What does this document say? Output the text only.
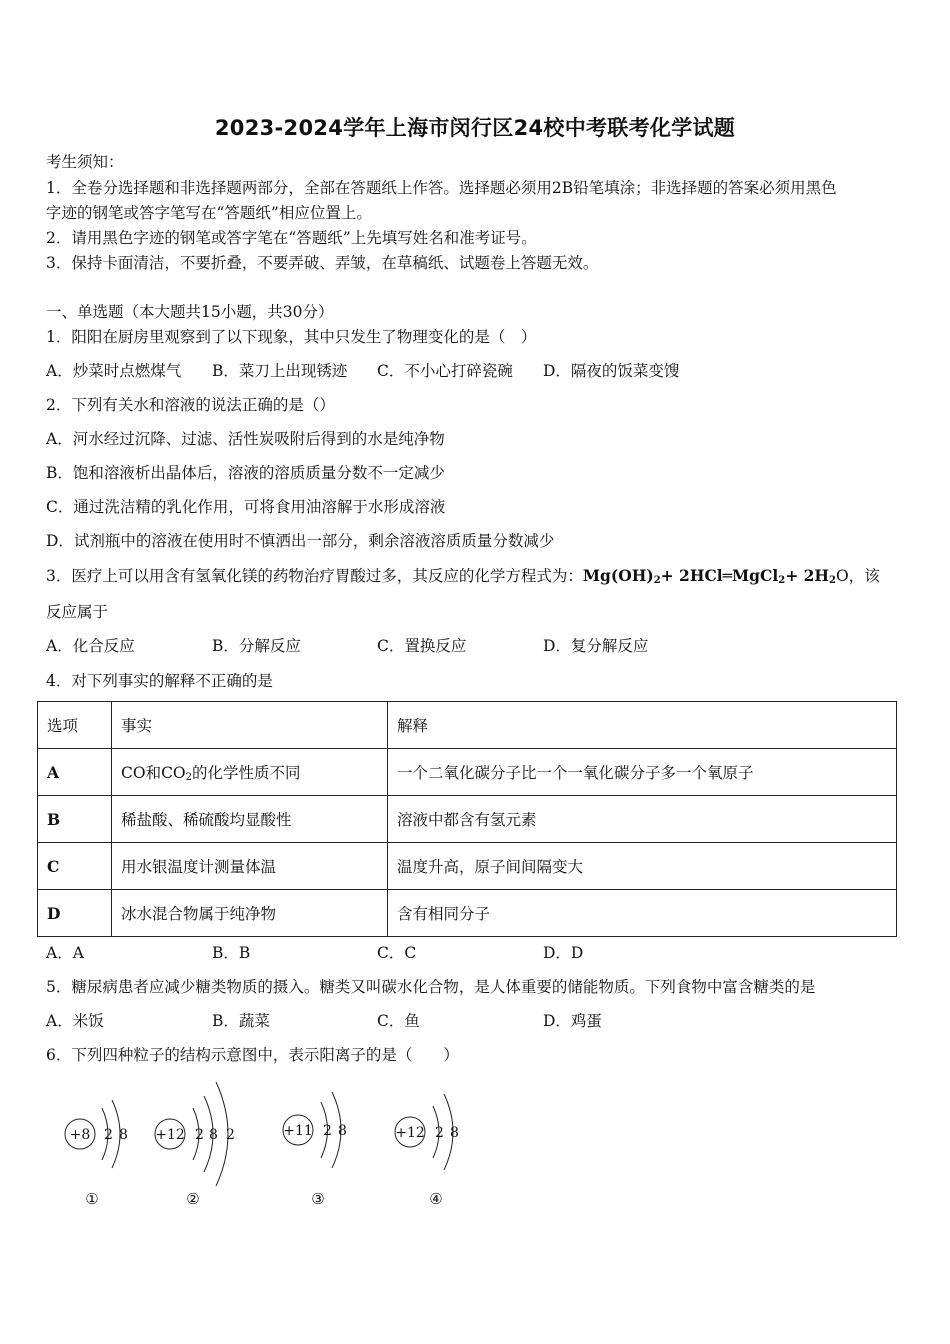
2023-2024学年上海市闵行区24校中考联考化学试题
考生须知：
1．全卷分选择题和非选择题两部分，全部在答题纸上作答。选择题必须用2B铅笔填涂；非选择题的答案必须用黑色
字迹的钢笔或答字笔写在“答题纸”相应位置上。
2．请用黑色字迹的钢笔或答字笔在“答题纸”上先填写姓名和准考证号。
3．保持卡面清洁，不要折叠，不要弄破、弄皱，在草稿纸、试题卷上答题无效。
一、单选题（本大题共15小题，共30分）
1．阳阳在厨房里观察到了以下现象，其中只发生了物理变化的是（　）
A．炒菜时点燃煤气 B．菜刀上出现锈迹 C．不小心打碎瓷碗 D．隔夜的饭菜变馊
2．下列有关水和溶液的说法正确的是（）
A．河水经过沉降、过滤、活性炭吸附后得到的水是纯净物
B．饱和溶液析出晶体后，溶液的溶质质量分数不一定减少
C．通过洗洁精的乳化作用，可将食用油溶解于水形成溶液
D．试剂瓶中的溶液在使用时不慎洒出一部分，剩余溶液溶质质量分数减少
3．医疗上可以用含有氢氧化镁的药物治疗胃酸过多，其反应的化学方程式为：$Mg(OH)_2+$ 2HCl═MgCl$_2$+ $2H_2O$，该
反应属于
A．化合反应	B．分解反应	C．置换反应	D．复分解反应
4．对下列事实的解释不正确的是
选项	事实	解释
A	CO和$CO_2$的化学性质不同	一个二氧化碳分子比一个一氧化碳分子多一个氧原子
B	稀盐酸、稀硫酸均显酸性	溶液中都含有氢元素
C	用水银温度计测量体温	温度升高，原子间间隔变大
D	冰水混合物属于纯净物	含有相同分子
A．A	B．B	C．C	D．D
5．糖尿病患者应减少糖类物质的摄入。糖类又叫碳水化合物，是人体重要的储能物质。下列食物中富含糖类的是
A．米饭	B．蔬菜	C．鱼	D．鸡蛋
6．下列四种粒子的结构示意图中，表示阳离子的是（　　）
+8 2 8
①
+12 2 8 2
②
+11 2 8
③
+12 2 8
④
